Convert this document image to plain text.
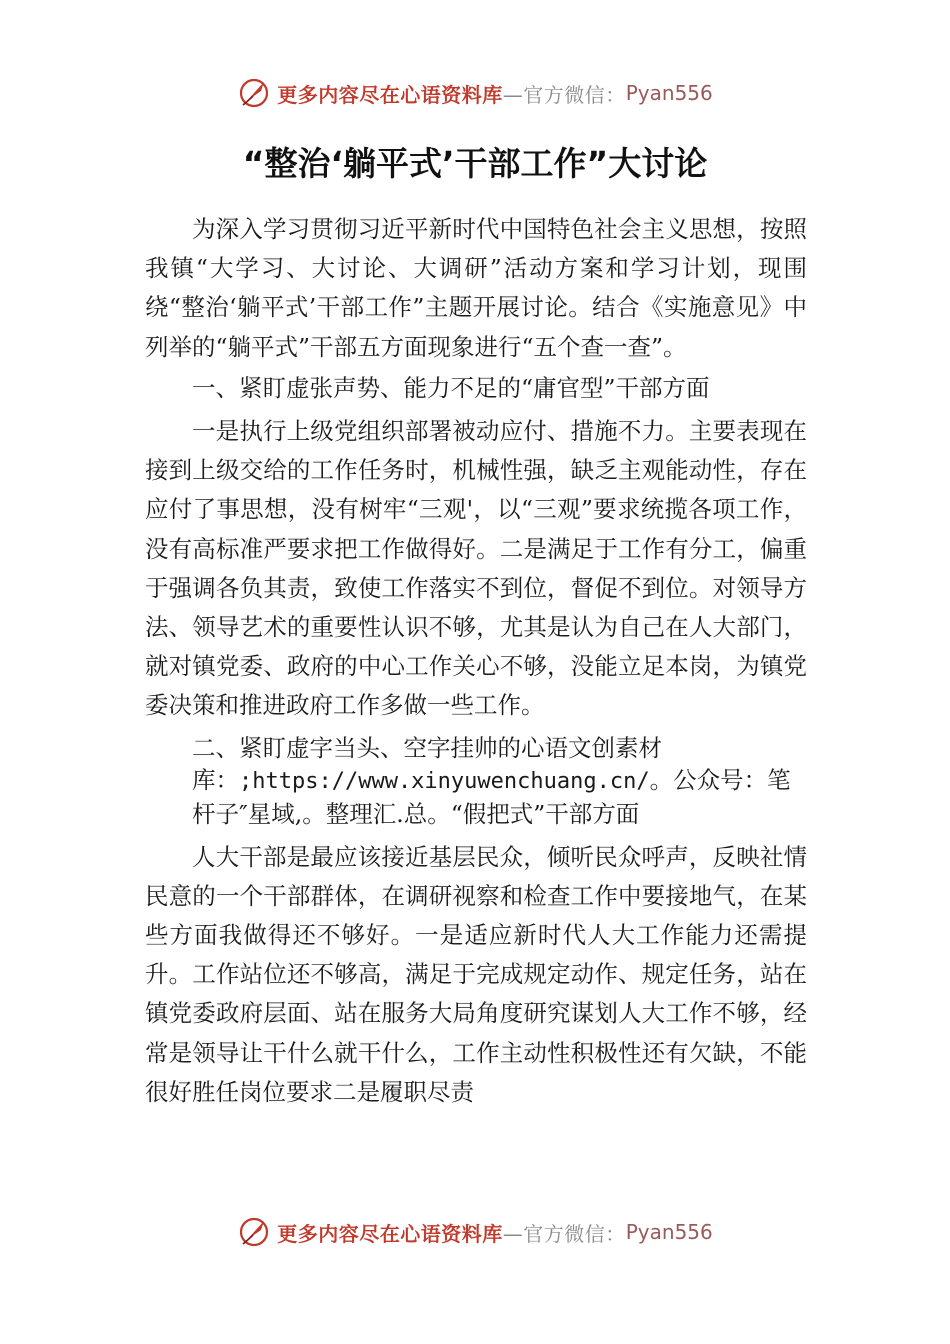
更多内容尽在心语资料库 —官方微信： Pyan556
“整治‘躺平式’干部工作”大讨论

为深入学习贯彻习近平新时代中国特色社会主义思想，按照我镇“大学习、大讨论、大调研”活动方案和学习计划，现围绕“整治‘躺平式’干部工作”主题开展讨论。结合《实施意见》中列举的“躺平式”干部五方面现象进行“五个查一查”。

一、紧盯虚张声势、能力不足的“庸官型”干部方面

一是执行上级党组织部署被动应付、措施不力。主要表现在接到上级交给的工作任务时，机械性强，缺乏主观能动性，存在应付了事思想，没有树牢“三观'，以“三观”要求统揽各项工作，没有高标准严要求把工作做得好。二是满足于工作有分工，偏重于强调各负其责，致使工作落实不到位，督促不到位。对领导方法、领导艺术的重要性认识不够，尤其是认为自己在人大部门，就对镇党委、政府的中心工作关心不够，没能立足本岗，为镇党委决策和推进政府工作多做一些工作。

二、紧盯虚字当头、空字挂帅的心语文创素材库：;https://www.xinyuwenchuang.cn/。公众号：笔杆子″星域,。整理汇.总。“假把式”干部方面

人大干部是最应该接近基层民众，倾听民众呼声，反映社情民意的一个干部群体，在调研视察和检查工作中要接地气，在某些方面我做得还不够好。一是适应新时代人大工作能力还需提升。工作站位还不够高，满足于完成规定动作、规定任务，站在镇党委政府层面、站在服务大局角度研究谋划人大工作不够，经常是领导让干什么就干什么，工作主动性积极性还有欠缺，不能很好胜任岗位要求二是履职尽责

更多内容尽在心语资料库 —官方微信： Pyan556
